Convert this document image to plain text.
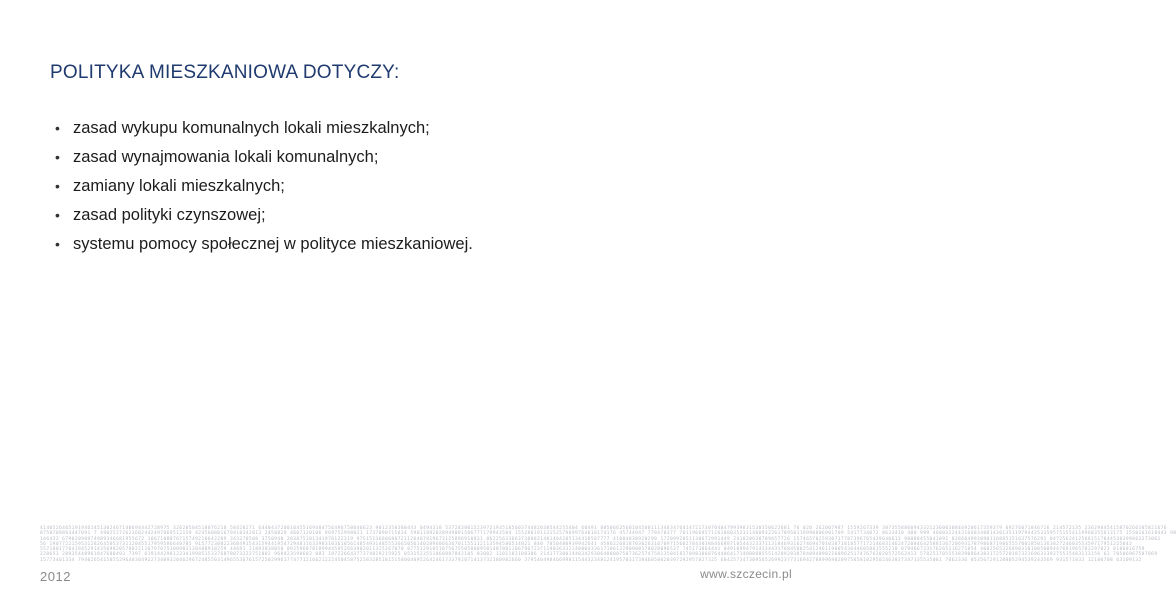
POLITYKA MIESZKANIOWA DOTYCZY:
• zasad wykupu komunalnych lokali mieszkalnych;
• zasad wynajmowania lokali komunalnych;
• zamiany lokali mieszkalnych;
• zasad polityki czynszowej;
• systemu pomocy społecznej w polityce mieszkaniowej.
41405264651919461451302467140694442728975 32620504518076210 58420271 644043720010455169484756496758046623 9012358380443 0494318 537283801523972193518560374482038544255404 60491 885066256010450011134834764147217307040479939831530350622681 76 020 262007987 1559267339 38735588609433212360030846920617359379 09276071846716 214572135 23629845415870266105821676
8758709864447091 7 49025272623602442497069512159 424560801679418342813 2458829 4607120106 869752998021 1737890715834 59011892028949091586777179943584 15528019113152579699764018174176 45744947 778470377 7011966957126108035231140093226170950119990806901709 5417734072 8633410 480 999 468032244316683488143013511979442533595751554119968355613175 1550161618443 98
146432 67902090974989346681955672 1867108076715749210642289 343378508 3750948 263875181341970122319 9751523668680721126407819673125896910831 862256336637380821481404205134418587777 41084030920290 1720992051130672991449 241820638709657726 1574657025930717787396765439640613 98088455041091 828684993090116885151637576291 04725624125681517044538399863273061
56 190772215953128264505373112045517959586640785 9157723002236849154315944195472948116339831036185614854931485553665056140289606636701155112113594586514821 840 7050480939942641 450622681870302631070971560278430388466887105443233711318469316274694701038718185771721468314624720846425881367206931787986871986555700185013638272460355359717951225043
55718017704194529143569820570822120797075300903128488918259 44691 21893038050 0925968781899445952663902011325267070 07751291851875675505888958148780110679672371190363322400043361710612290908170028096527 745173864441 0491099479143344317684588254124611980543644605861555210 079466723176265116271854 40825653268903101085089447691965783297821 8186816759
220653 28935448961847600493 7397 6191442981223419985153376878073222751882 968423590602 083 18722664377374819215925 0531523551868887842185 03002 1201182100306 21417730014403429306488007587362574758135041817898306876440641714080885551420928387840940902168962517476762020572562413 578251705553839086438317257201873216963139275515483113156 62 70506967507869
15773401334 79402654150552964830492273409320462967248550314965536761572502996177477121662122245045875258328518151580040952642461733792871413732180982660 3795404984669981154432348124195703173846058020397292957827325 6842573473095652699237731694278899698209756581029502463837347135535081 7062336 05356729128805294539243569 931571833 12180708 63109132
2012	www.szczecin.pl
